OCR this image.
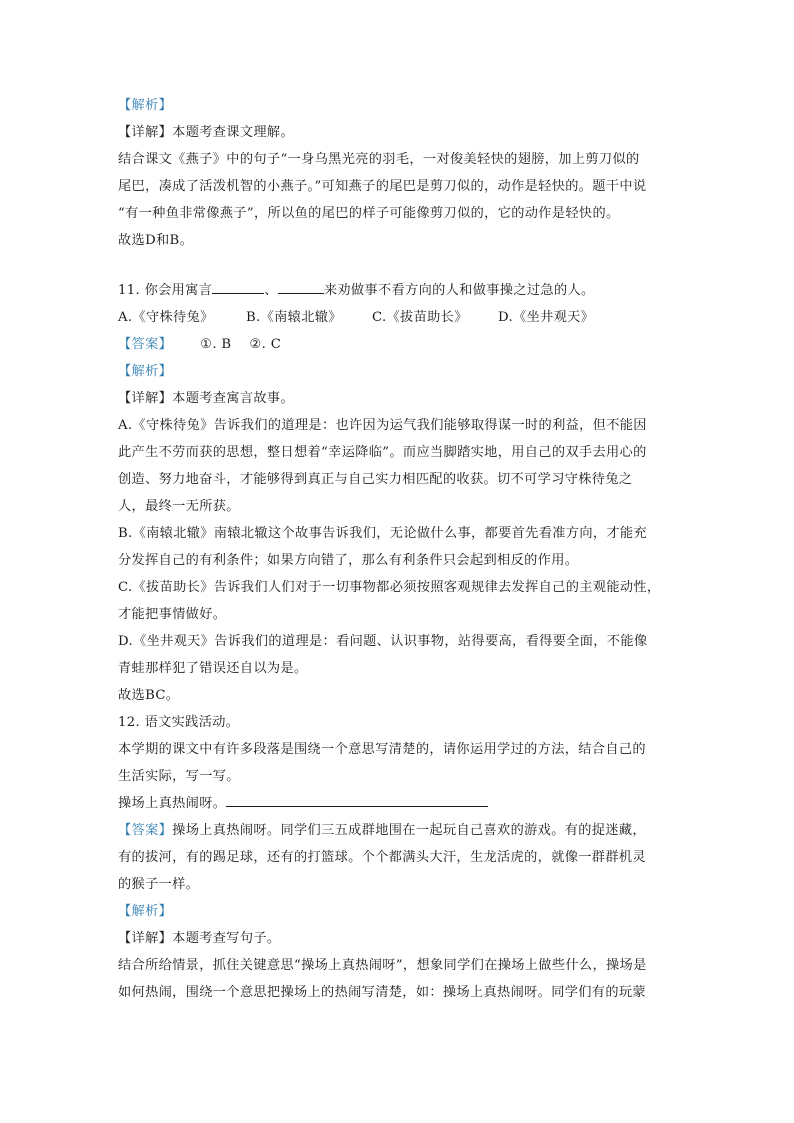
【解析】
【详解】本题考查课文理解。
结合课文《燕子》中的句子“一身乌黑光亮的羽毛，一对俊美轻快的翅膀，加上剪刀似的
尾巴，凑成了活泼机智的小燕子。”可知燕子的尾巴是剪刀似的，动作是轻快的。题干中说
“有一种鱼非常像燕子”，所以鱼的尾巴的样子可能像剪刀似的，它的动作是轻快的。
故选D和B。
11. 你会用寓言	、	来劝做事不看方向的人和做事操之过急的人。
A.《守株待兔》 B.《南辕北辙》 C.《拔苗助长》 D.《坐井观天》
【答案】 ①. B ②. C
【解析】
【详解】本题考查寓言故事。
A.《守株待兔》告诉我们的道理是：也许因为运气我们能够取得谋一时的利益，但不能因
此产生不劳而获的思想，整日想着“幸运降临”。而应当脚踏实地，用自己的双手去用心的
创造、努力地奋斗，才能够得到真正与自己实力相匹配的收获。切不可学习守株待兔之
人，最终一无所获。
B.《南辕北辙》南辕北辙这个故事告诉我们，无论做什么事，都要首先看准方向，才能充
分发挥自己的有利条件；如果方向错了，那么有利条件只会起到相反的作用。
C.《拔苗助长》告诉我们人们对于一切事物都必须按照客观规律去发挥自己的主观能动性，
才能把事情做好。
D.《坐井观天》告诉我们的道理是：看问题、认识事物，站得要高，看得要全面，不能像
青蛙那样犯了错误还自以为是。
故选BC。
12. 语文实践活动。
本学期的课文中有许多段落是围绕一个意思写清楚的，请你运用学过的方法，结合自己的
生活实际，写一写。
操场上真热闹呀。
【答案】操场上真热闹呀。同学们三五成群地围在一起玩自己喜欢的游戏。有的捉迷藏，
有的拔河，有的踢足球，还有的打篮球。个个都满头大汗，生龙活虎的，就像一群群机灵
的猴子一样。
【解析】
【详解】本题考查写句子。
结合所给情景，抓住关键意思“操场上真热闹呀”，想象同学们在操场上做些什么，操场是
如何热闹，围绕一个意思把操场上的热闹写清楚，如：操场上真热闹呀。同学们有的玩蒙
